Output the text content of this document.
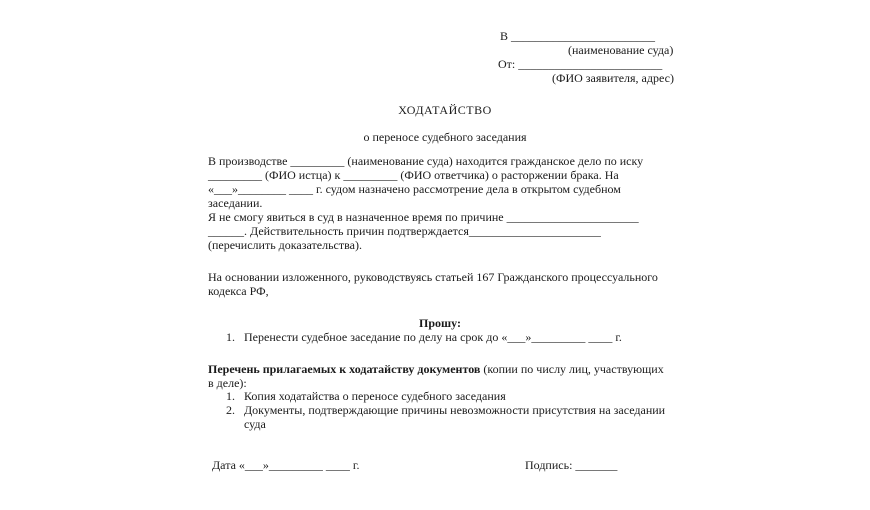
В ________________________
(наименование суда)
От: ________________________
(ФИО заявителя, адрес)
ХОДАТАЙСТВО
о переносе судебного заседания
В производстве _________ (наименование суда) находится гражданское дело по иску
_________ (ФИО истца) к _________ (ФИО ответчика) о расторжении брака. На
«___»________ ____ г. судом назначено рассмотрение дела в открытом судебном
заседании.
Я не смогу явиться в суд в назначенное время по причине ______________________
______. Действительность причин подтверждается______________________
(перечислить доказательства).
На основании изложенного, руководствуясь статьей 167 Гражданского процессуального
кодекса РФ,
Прошу:
1. Перенести судебное заседание по делу на срок до «___»_________ ____ г.
Перечень прилагаемых к ходатайству документов (копии по числу лиц, участвующих
в деле):
1. Копия ходатайства о переносе судебного заседания
2. Документы, подтверждающие причины невозможности присутствия на заседании
суда
Дата «___»_________ ____ г.	Подпись: _______
